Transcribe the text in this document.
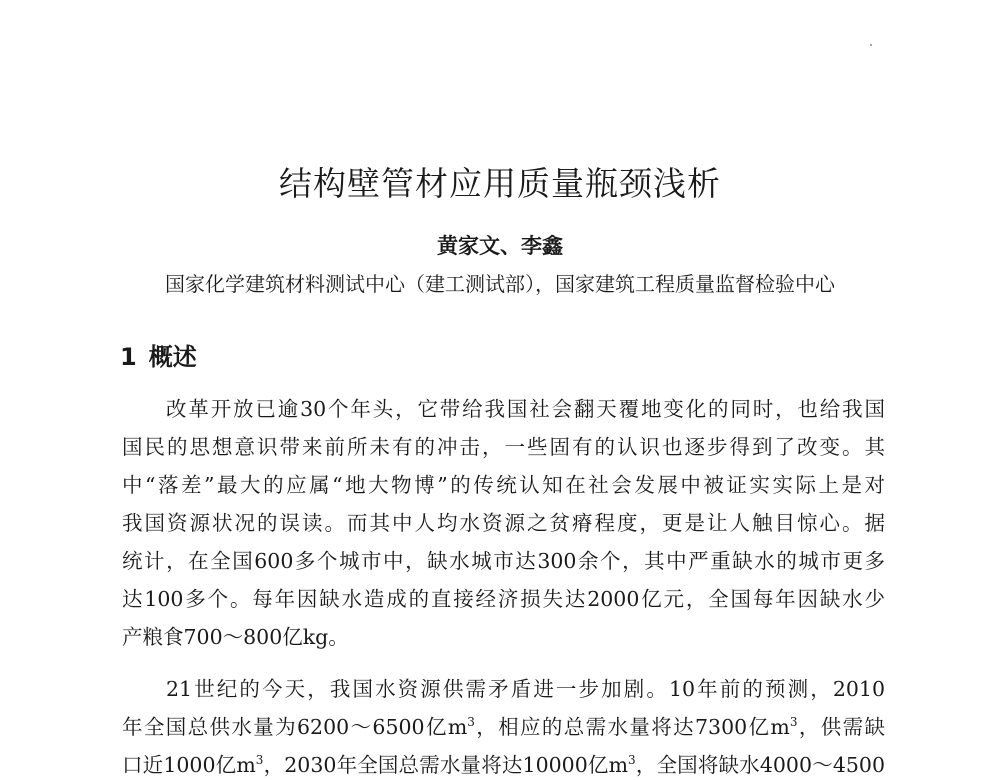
结构壁管材应用质量瓶颈浅析
黄家文、李鑫
国家化学建筑材料测试中心（建工测试部），国家建筑工程质量监督检验中心
1 概述
改革开放已逾30个年头，它带给我国社会翻天覆地变化的同时，也给我国
国民的思想意识带来前所未有的冲击，一些固有的认识也逐步得到了改变。其
中“落差”最大的应属“地大物博”的传统认知在社会发展中被证实实际上是对
我国资源状况的误读。而其中人均水资源之贫瘠程度，更是让人触目惊心。据
统计，在全国600多个城市中，缺水城市达300余个，其中严重缺水的城市更多
达100多个。每年因缺水造成的直接经济损失达2000亿元，全国每年因缺水少
产粮食700～800亿kg。
21世纪的今天，我国水资源供需矛盾进一步加剧。10年前的预测，2010
年全国总供水量为6200～6500亿$m^3$，相应的总需水量将达7300亿$m^3$，供需缺
口近1000亿$m^3$，2030年全国总需水量将达10000亿$m^3$，全国将缺水4000～4500
